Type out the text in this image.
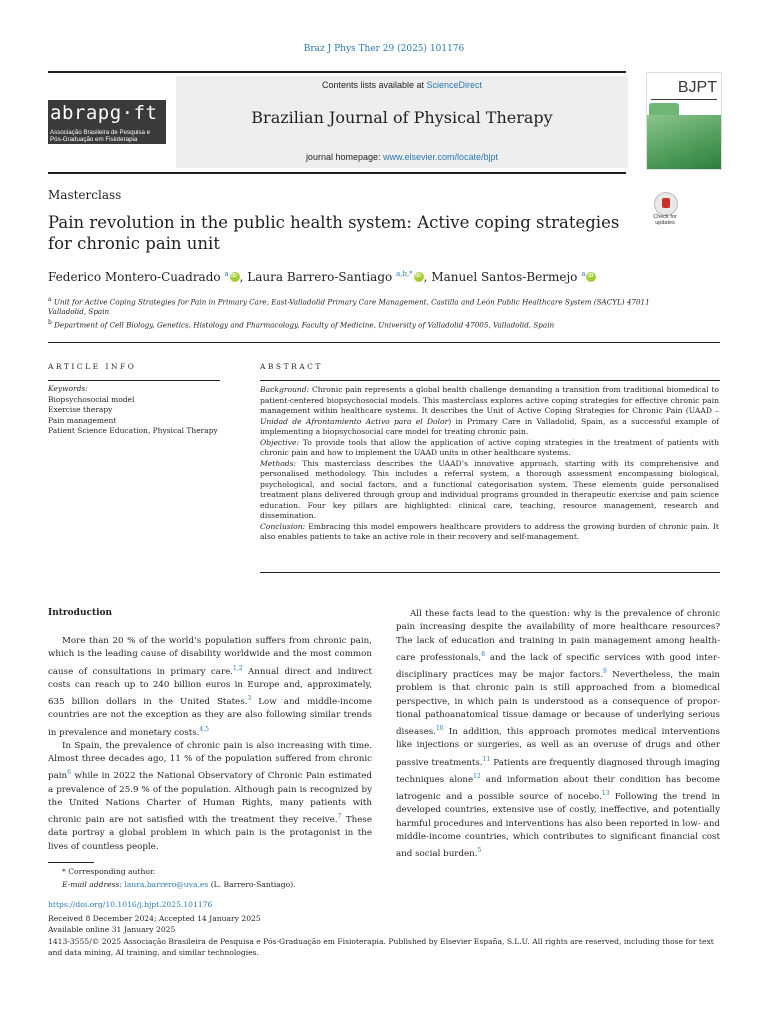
Braz J Phys Ther 29 (2025) 101176
abrapg·ft
Associação Brasileira de Pesquisa e
Pós-Graduação em Fisioterapia
Contents lists available at ScienceDirect
Brazilian Journal of Physical Therapy
journal homepage: www.elsevier.com/locate/bjpt
BJPT
Masterclass
Pain revolution in the public health system: Active coping strategies for chronic pain unit
Check for updates
Federico Montero-Cuadrado $^a$ iD , Laura Barrero-Santiago $^{a,b,*}$ iD , Manuel Santos-Bermejo $^a$iD
$^a$ Unit for Active Coping Strategies for Pain in Primary Care, East-Valladolid Primary Care Management, Castilla and León Public Healthcare System (SACYL) 47011 Valladolid, Spain
$^b$ Department of Cell Biology, Genetics, Histology and Pharmacology, Faculty of Medicine, University of Valladolid 47005, Valladolid, Spain
ARTICLE INFO	ABSTRACT
Keywords:
Biopsychosocial model
Exercise therapy
Pain management
Patient Science Education, Physical Therapy

Background: Chronic pain represents a global health challenge demanding a transition from traditional biomedical to patient-centered biopsychosocial models. This masterclass explores active coping strategies for effective chronic pain management within healthcare systems. It describes the Unit of Active Coping Strategies for Chronic Pain (UAAD – Unidad de Afrontamiento Activo para el Dolor) in Primary Care in Valladolid, Spain, as a successful example of implementing a biopsychosocial care model for treating chronic pain.

Objective: To provide tools that allow the application of active coping strategies in the treatment of patients with chronic pain and how to implement the UAAD units in other healthcare systems.

Methods: This masterclass describes the UAAD’s innovative approach, starting with its comprehensive and personalised methodology. This includes a referral system, a thorough assessment encompassing biological, psychological, and social factors, and a functional categorisation system. These elements guide personalised treatment plans delivered through group and individual programs grounded in therapeutic exercise and pain science education. Four key pillars are highlighted: clinical care, teaching, resource management, research and dissemination.

Conclusion: Embracing this model empowers healthcare providers to address the growing burden of chronic pain. It also enables patients to take an active role in their recovery and self-management.

Introduction

More than 20 % of the world’s population suffers from chronic pain, which is the leading cause of disability worldwide and the most common cause of consultations in primary care.$^{1,2}$ Annual direct and indirect costs can reach up to 240 billion euros in Europe and, approximately, 635 billion dollars in the United States.$^3$ Low and middle-income countries are not the exception as they are also following similar trends in prevalence and monetary costs.$^{4,5}$

In Spain, the prevalence of chronic pain is also increasing with time. Almost three decades ago, 11 % of the population suffered from chronic pain$^6$ while in 2022 the National Observatory of Chronic Pain estimated a prevalence of 25.9 % of the population. Although pain is recognized by the United Nations Charter of Human Rights, many patients with chronic pain are not satisfied with the treatment they receive.$^7$ These data portray a global problem in which pain is the protagonist in the lives of countless people.

All these facts lead to the question: why is the prevalence of chronic pain increasing despite the availability of more healthcare resources? The lack of education and training in pain management among health-care professionals,$^8$ and the lack of specific services with good inter-disciplinary practices may be major factors.$^9$ Nevertheless, the main problem is that chronic pain is still approached from a biomedical perspective, in which pain is understood as a consequence of propor-tional pathoanatomical tissue damage or because of underlying serious diseases.$^{10}$ In addition, this approach promotes medical interventions like injections or surgeries, as well as an overuse of drugs and other passive treatments.$^{11}$ Patients are frequently diagnosed through imaging techniques alone$^{12}$ and information about their condition has become iatrogenic and a possible source of nocebo.$^{13}$ Following the trend in developed countries, extensive use of costly, ineffective, and potentially harmful procedures and interventions has also been reported in low- and middle-income countries, which contributes to significant financial cost and social burden.$^5$

* Corresponding author.
E-mail address: laura.barrero@uva.es (L. Barrero-Santiago).
https://doi.org/10.1016/j.bjpt.2025.101176
Received 8 December 2024; Accepted 14 January 2025
Available online 31 January 2025
1413-3555/© 2025 Associação Brasileira de Pesquisa e Pós-Graduação em Fisioterapia. Published by Elsevier España, S.L.U. All rights are reserved, including those for text and data mining, AI training, and similar technologies.
